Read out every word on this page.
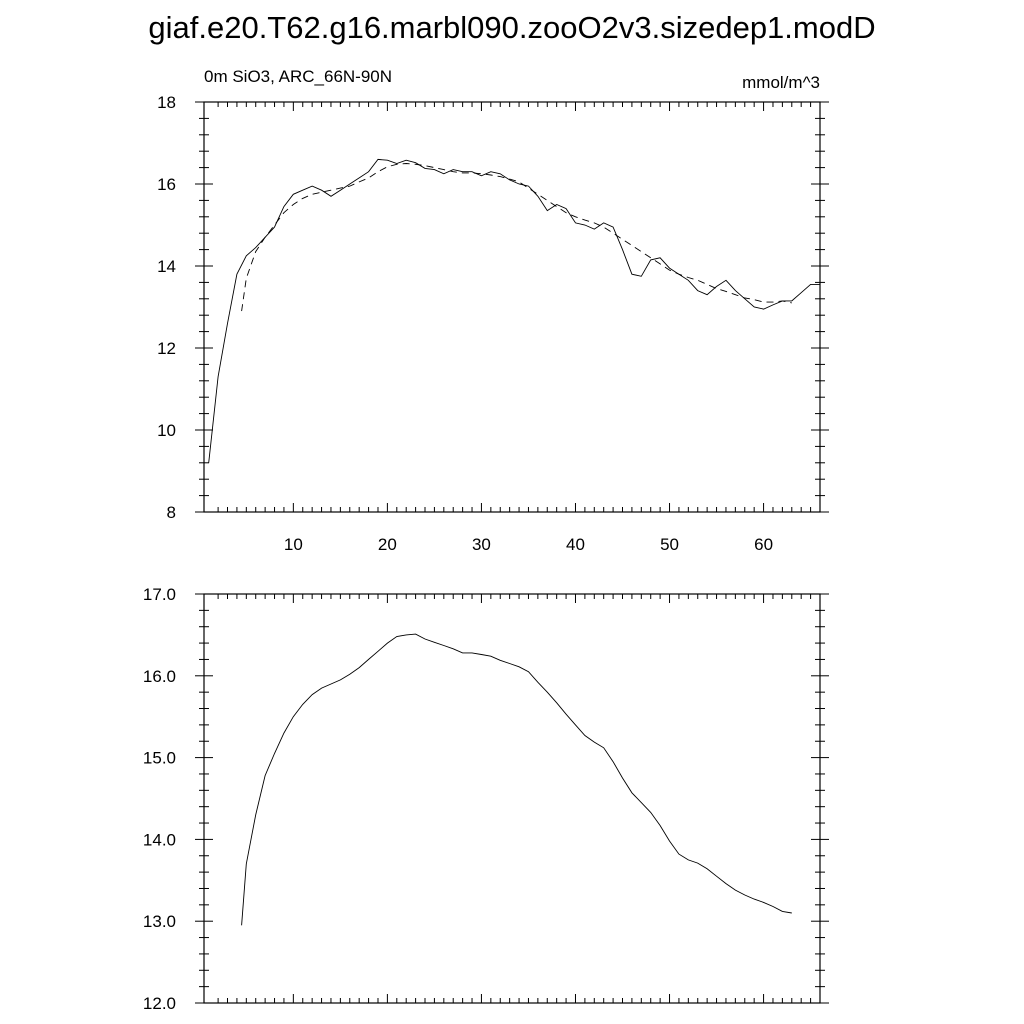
giaf.e20.T62.g16.marbl090.zooO2v3.sizedep1.modD
10	20	30	40	50	60
8
10
12
14
16
18
0m SiO3, ARC_66N-90N	mmol/m^3
12.0
13.0
14.0
15.0
16.0
17.0
